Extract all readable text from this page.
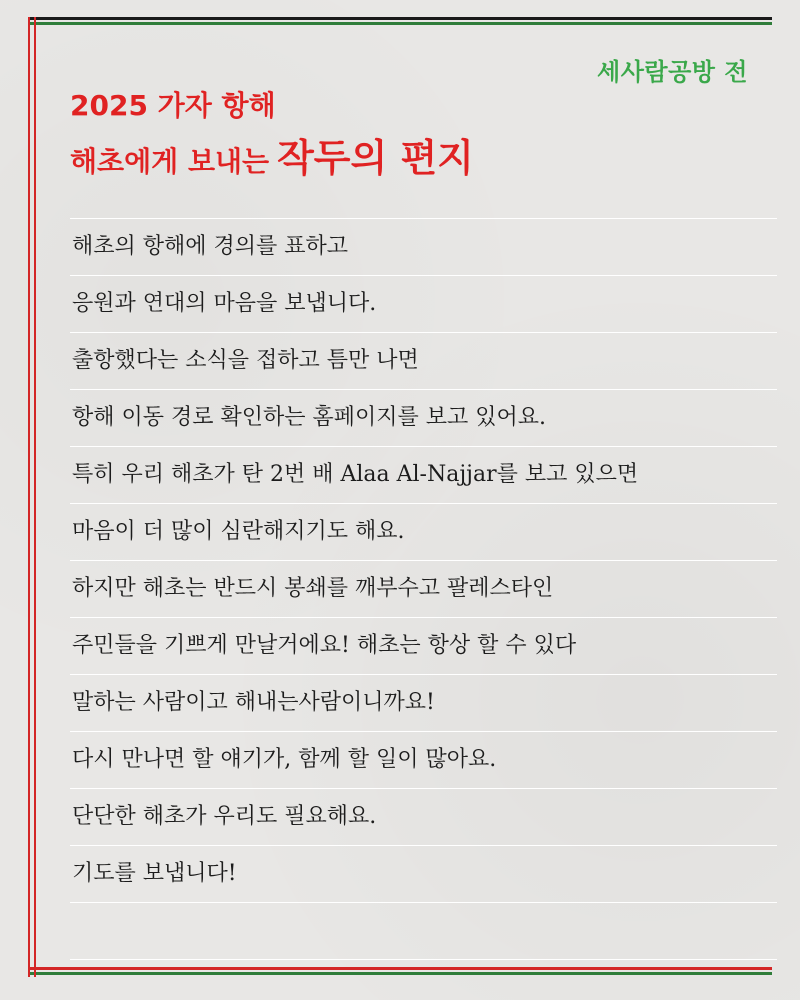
세사람공방 전
2025 가자 항해
해초에게 보내는 작두의 편지
해초의 항해에 경의를 표하고
응원과 연대의 마음을 보냅니다.
출항했다는 소식을 접하고 틈만 나면
항해 이동 경로 확인하는 홈페이지를 보고 있어요.
특히 우리 해초가 탄 2번 배 Alaa Al-Najjar를 보고 있으면
마음이 더 많이 심란해지기도 해요.
하지만 해초는 반드시 봉쇄를 깨부수고 팔레스타인
주민들을 기쁘게 만날거에요! 해초는 항상 할 수 있다
말하는 사람이고 해내는사람이니까요!
다시 만나면 할 얘기가, 함께 할 일이 많아요.
단단한 해초가 우리도 필요해요.
기도를 보냅니다!
